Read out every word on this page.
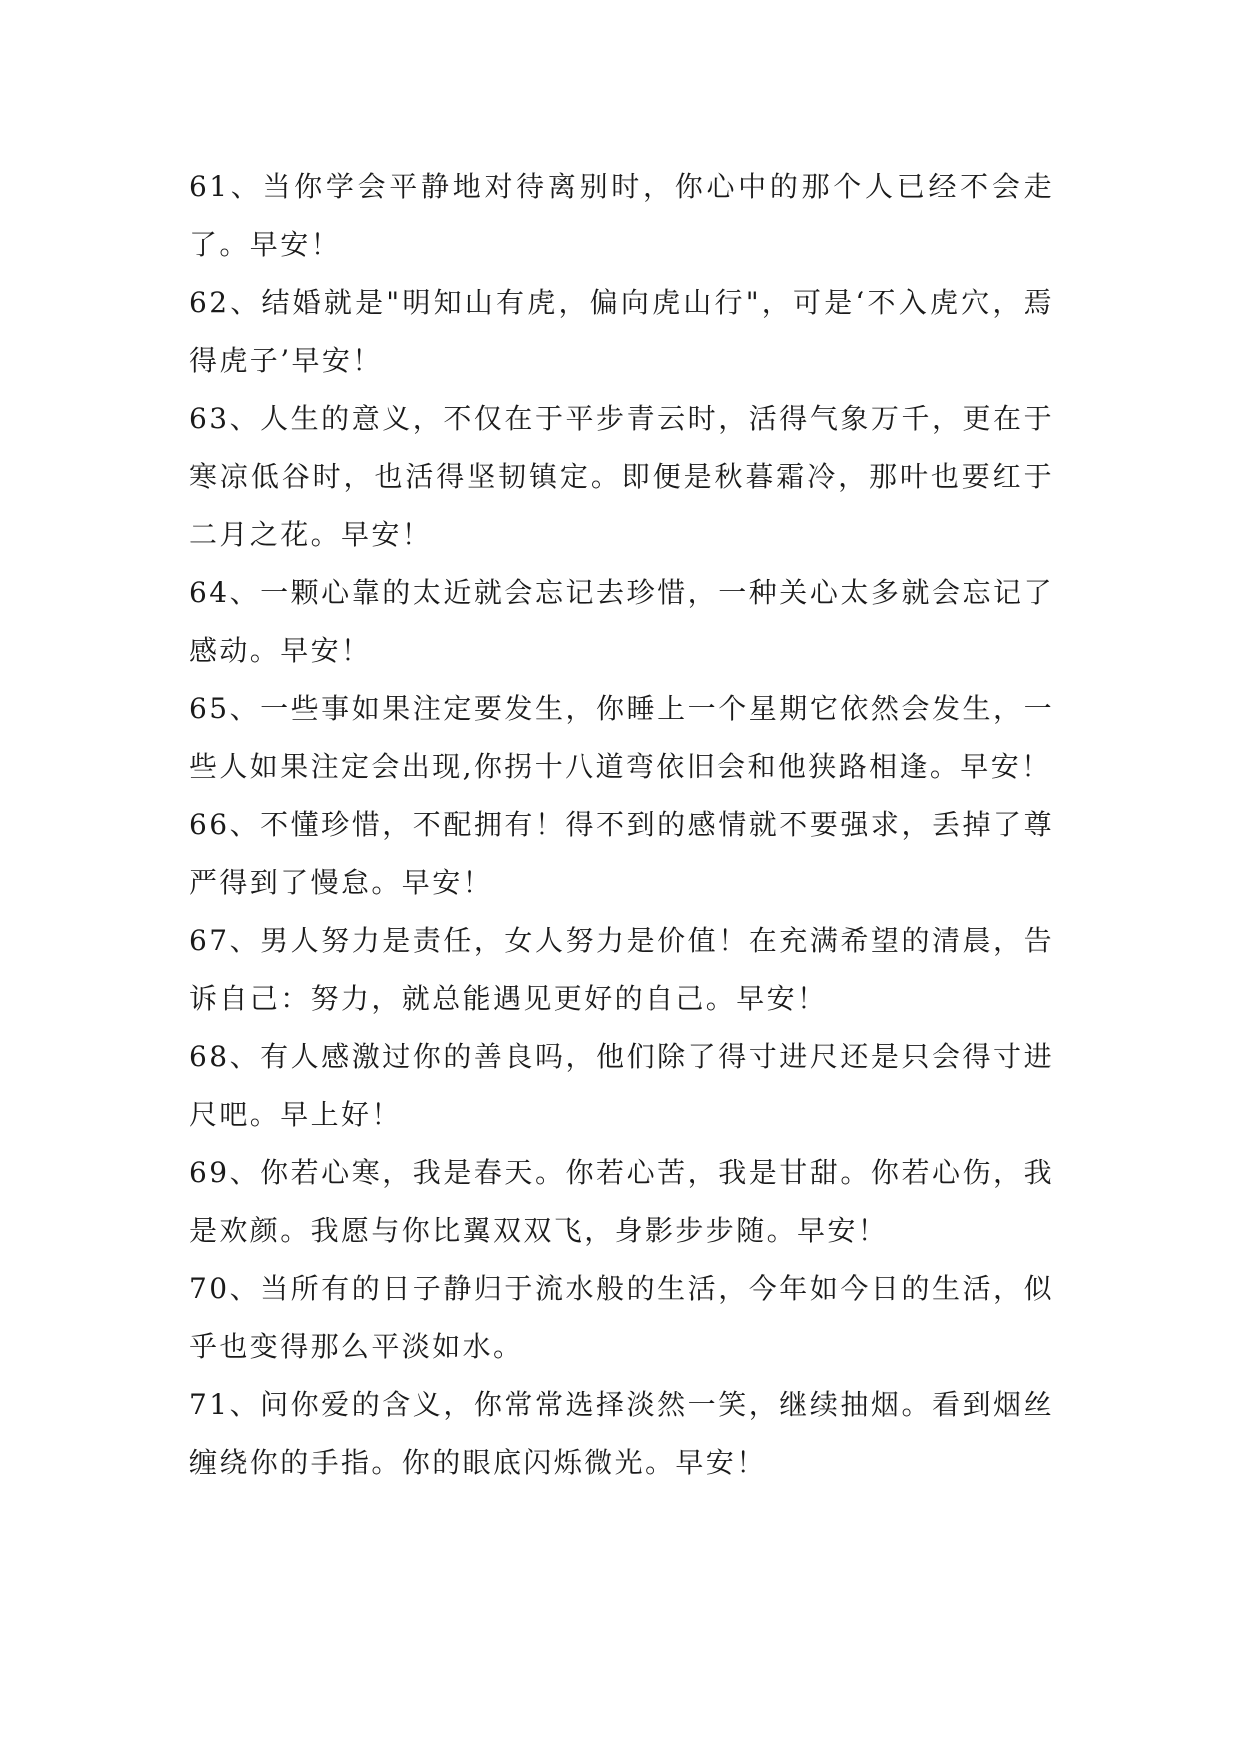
61、当你学会平静地对待离别时，你心中的那个人已经不会走了。早安！

62、结婚就是"明知山有虎，偏向虎山行"，可是‘不入虎穴，焉得虎子’早安！

63、人生的意义，不仅在于平步青云时，活得气象万千，更在于寒凉低谷时，也活得坚韧镇定。即便是秋暮霜冷，那叶也要红于二月之花。早安！

64、一颗心靠的太近就会忘记去珍惜，一种关心太多就会忘记了感动。早安！

65、一些事如果注定要发生，你睡上一个星期它依然会发生，一些人如果注定会出现,你拐十八道弯依旧会和他狭路相逢。早安！

66、不懂珍惜，不配拥有！得不到的感情就不要强求，丢掉了尊严得到了慢怠。早安！

67、男人努力是责任，女人努力是价值！在充满希望的清晨，告诉自己：努力，就总能遇见更好的自己。早安！

68、有人感激过你的善良吗，他们除了得寸进尺还是只会得寸进尺吧。早上好！

69、你若心寒，我是春天。你若心苦，我是甘甜。你若心伤，我是欢颜。我愿与你比翼双双飞，身影步步随。早安！

70、当所有的日子静归于流水般的生活，今年如今日的生活，似乎也变得那么平淡如水。

71、问你爱的含义，你常常选择淡然一笑，继续抽烟。看到烟丝缠绕你的手指。你的眼底闪烁微光。早安！
